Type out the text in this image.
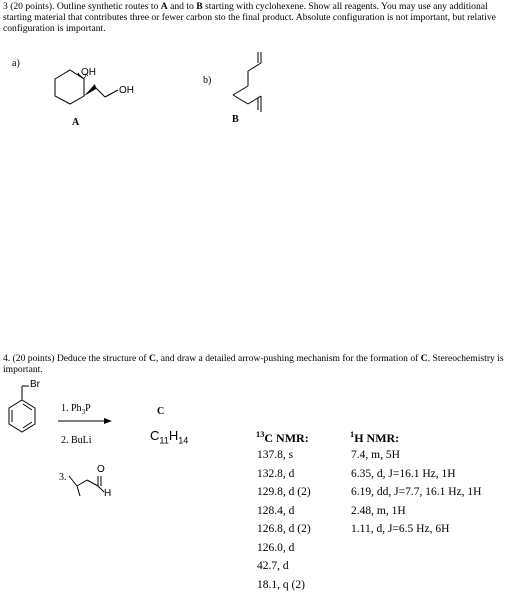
3 (20 points). Outline synthetic routes to A and to B starting with cyclohexene. Show all reagents. You may use any additional starting material that contributes three or fewer carbon sto the final product. Absolute configuration is not important, but relative configuration is important.
a)
b)
OH
OH
A	B
4. (20 points) Deduce the structure of C, and draw a detailed arrow-pushing mechanism for the formation of C. Stereochemistry is important.
Br
1. $Ph_3P$
2. BuLi
3.
O
H
C
$C_{11}H_{14}$
$^{13}$C NMR:
137.8, s
132.8, d
129.8, d (2)
128.4, d
126.8, d (2)
126.0, d
42.7, d
18.1, q (2)
$^1$H NMR:
7.4, m, 5H
6.35, d, J=16.1 Hz, 1H
6.19, dd, J=7.7, 16.1 Hz, 1H
2.48, m, 1H
1.11, d, J=6.5 Hz, 6H
